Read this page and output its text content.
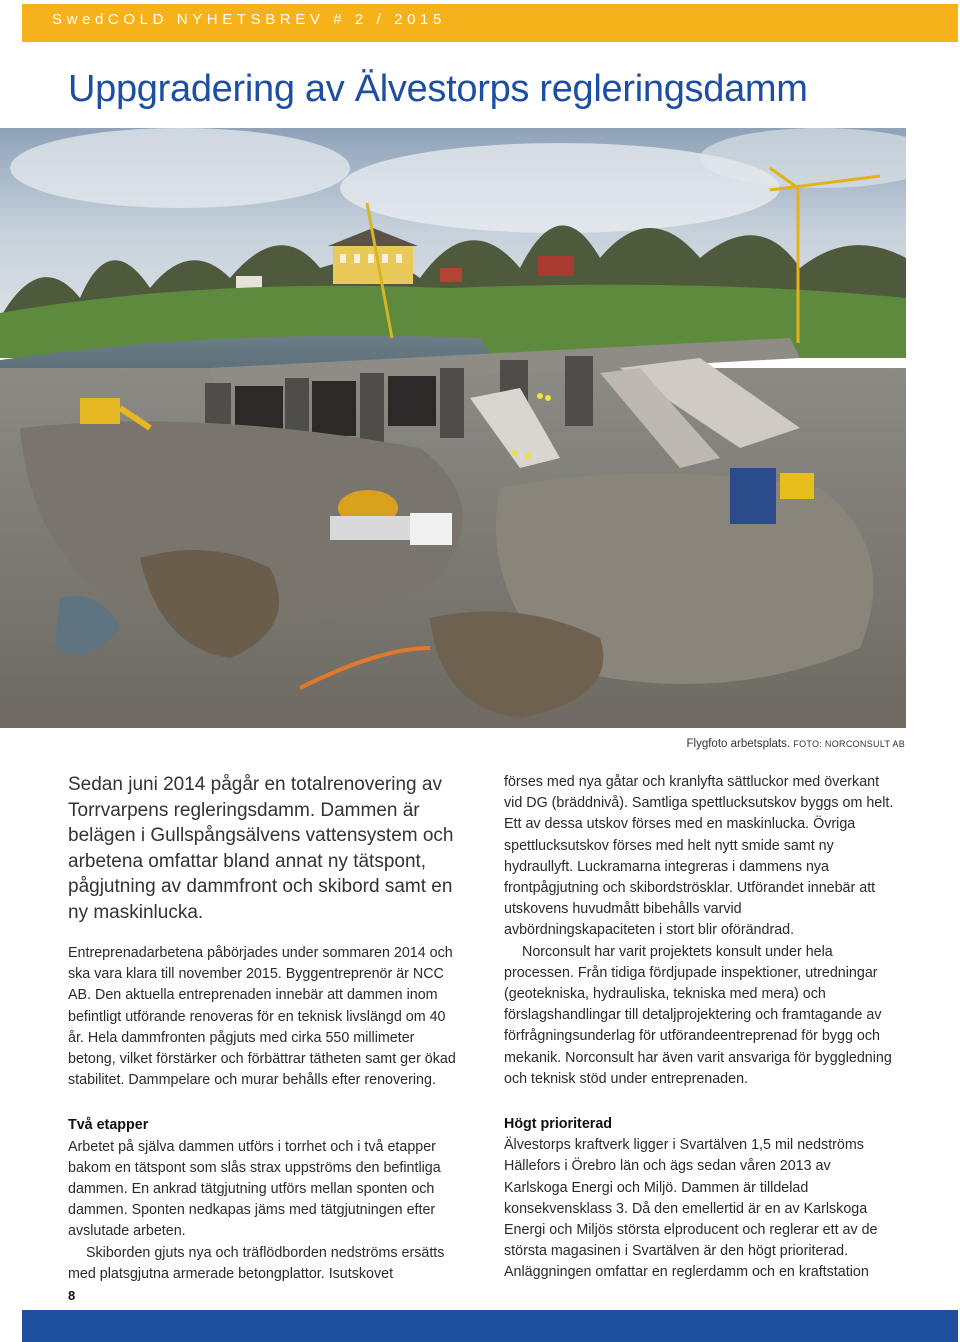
SwedCOLD NYHETSBREV # 2 / 2015
Uppgradering av Älvestorps regleringsdamm
Flygfoto arbetsplats. FOTO: NORCONSULT AB

Sedan juni 2014 pågår en totalrenovering av Torrvarpens regleringsdamm. Dammen är belägen i Gullspångsälvens vattensystem och arbetena omfattar bland annat ny tätspont, pågjutning av dammfront och skibord samt en ny maskinlucka.

Entreprenadarbetena påbörjades under sommaren 2014 och ska vara klara till november 2015. Byggentreprenör är NCC AB. Den aktuella entreprenaden innebär att dammen inom befintligt utförande renoveras för en teknisk livslängd om 40 år. Hela dammfronten pågjuts med cirka 550 millimeter betong, vilket förstärker och förbättrar tätheten samt ger ökad stabilitet. Dammpelare och murar behålls efter renovering.

Två etapper

Arbetet på själva dammen utförs i torrhet och i två etapper bakom en tätspont som slås strax uppströms den befintliga dammen. En ankrad tätgjutning utförs mellan sponten och dammen. Sponten nedkapas jäms med tätgjutningen efter avslutade arbeten.

Skiborden gjuts nya och träflödborden nedströms ersätts med platsgjutna armerade betongplattor. Isutskovet

förses med nya gåtar och kranlyfta sättluckor med överkant vid DG (bräddnivå). Samtliga spettlucksutskov byggs om helt. Ett av dessa utskov förses med en maskinlucka. Övriga spettlucksutskov förses med helt nytt smide samt ny hydraullyft. Luckramarna integreras i dammens nya frontpågjutning och skibordströsklar. Utförandet innebär att utskovens huvudmått bibehålls varvid avbördningskapaciteten i stort blir oförändrad.

Norconsult har varit projektets konsult under hela processen. Från tidiga fördjupade inspektioner, utredningar (geotekniska, hydrauliska, tekniska med mera) och förslagshandlingar till detaljprojektering och framtagande av förfrågningsunderlag för utförandeentreprenad för bygg och mekanik. Norconsult har även varit ansvariga för byggledning och teknisk stöd under entreprenaden.

Högt prioriterad

Älvestorps kraftverk ligger i Svartälven 1,5 mil nedströms Hällefors i Örebro län och ägs sedan våren 2013 av Karlskoga Energi och Miljö. Dammen är tilldelad konsekvensklass 3. Då den emellertid är en av Karlskoga Energi och Miljös största elproducent och reglerar ett av de största magasinen i Svartälven är den högt prioriterad. Anläggningen omfattar en reglerdamm och en kraftstation

8
